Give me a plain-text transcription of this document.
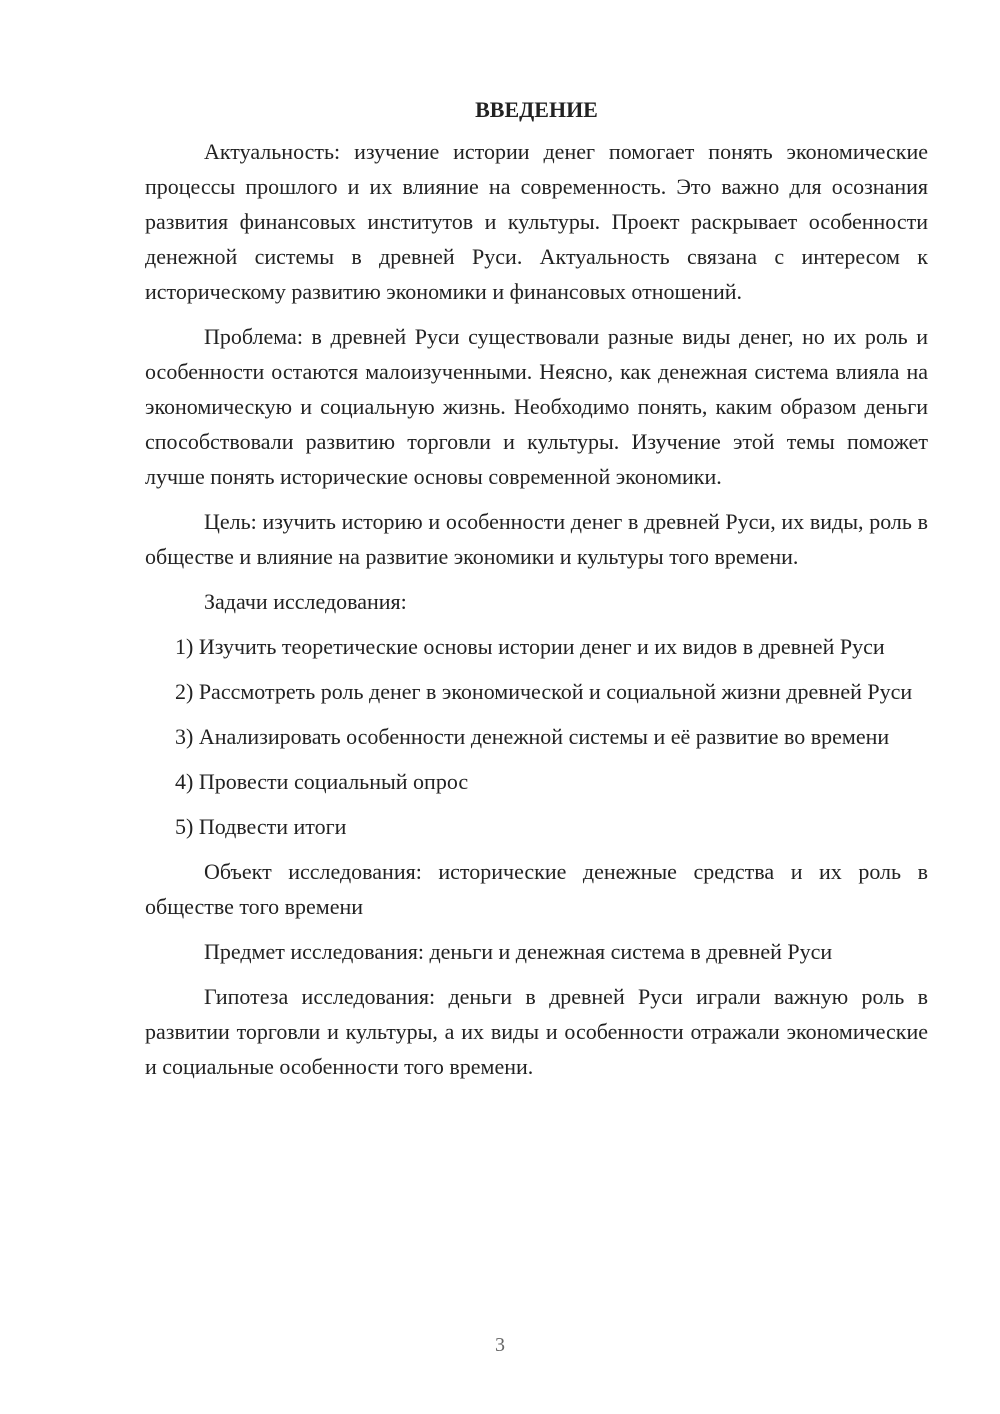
ВВЕДЕНИЕ

Актуальность: изучение истории денег помогает понять экономические процессы прошлого и их влияние на современность. Это важно для осознания развития финансовых институтов и культуры. Проект раскрывает особенности денежной системы в древней Руси. Актуальность связана с интересом к историческому развитию экономики и финансовых отношений.

Проблема: в древней Руси существовали разные виды денег, но их роль и особенности остаются малоизученными. Неясно, как денежная система влияла на экономическую и социальную жизнь. Необходимо понять, каким образом деньги способствовали развитию торговли и культуры. Изучение этой темы поможет лучше понять исторические основы современной экономики.

Цель: изучить историю и особенности денег в древней Руси, их виды, роль в обществе и влияние на развитие экономики и культуры того времени.

Задачи исследования:

1) Изучить теоретические основы истории денег и их видов в древней Руси

2) Рассмотреть роль денег в экономической и социальной жизни древней Руси

3) Анализировать особенности денежной системы и её развитие во времени

4) Провести социальный опрос

5) Подвести итоги

Объект исследования: исторические денежные средства и их роль в обществе того времени

Предмет исследования: деньги и денежная система в древней Руси

Гипотеза исследования: деньги в древней Руси играли важную роль в развитии торговли и культуры, а их виды и особенности отражали экономические и социальные особенности того времени.

3
